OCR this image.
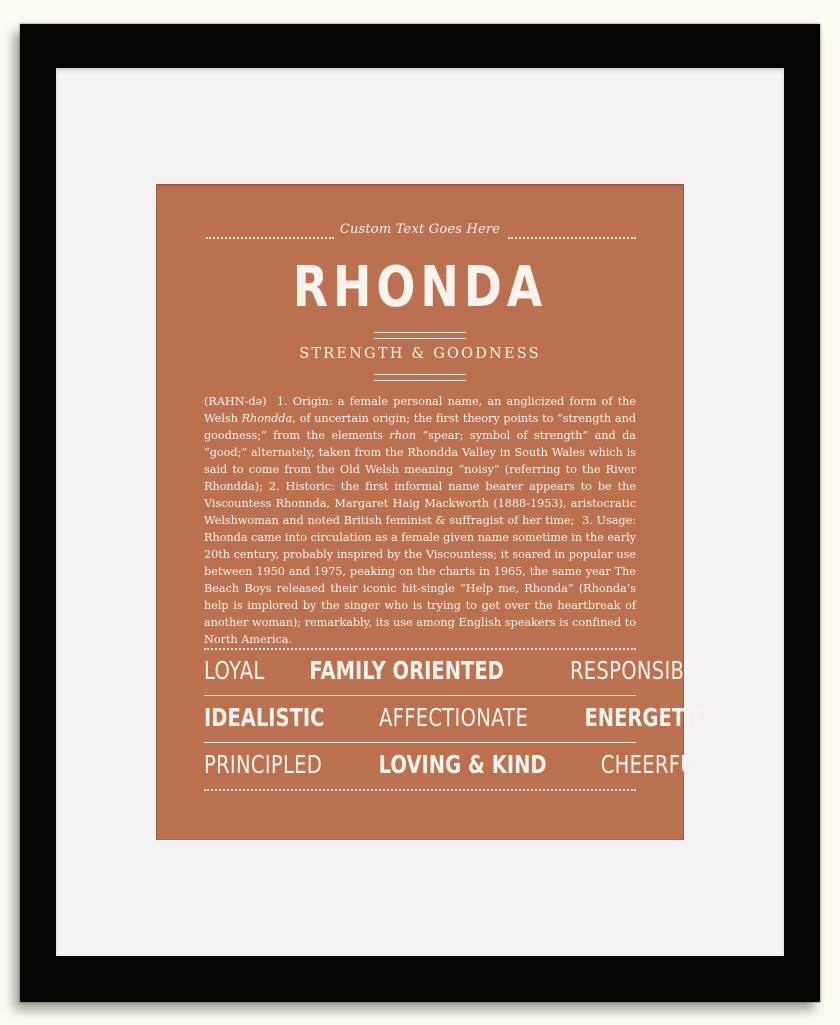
Custom Text Goes Here
RHONDA
STRENGTH & GOODNESS
(RAHN-də) 1. Origin: a female personal name, an anglicized form of the Welsh Rhondda, of uncertain origin; the first theory points to “strength and goodness;” from the elements rhon “spear; symbol of strength” and da “good;” alternately, taken from the Rhondda Valley in South Wales which is said to come from the Old Welsh meaning “noisy” (referring to the River Rhondda); 2. Historic: the first informal name bearer appears to be the Viscountess Rhonnda, Margaret Haig Mackworth (1888-1953), aristocratic Welshwoman and noted British feminist & suffragist of her time; 3. Usage: Rhonda came into circulation as a female given name sometime in the early 20th century, probably inspired by the Viscountess; it soared in popular use between 1950 and 1975, peaking on the charts in 1965, the same year The Beach Boys released their iconic hit-single “Help me, Rhonda” (Rhonda’s help is implored by the singer who is trying to get over the heartbreak of another woman); remarkably, its use among English speakers is confined to North America.
LOYAL FAMILY ORIENTED	RESPONSIBLE
IDEALISTIC AFFECTIONATE ENERGETIC
PRINCIPLED LOVING & KIND CHEERFUL
